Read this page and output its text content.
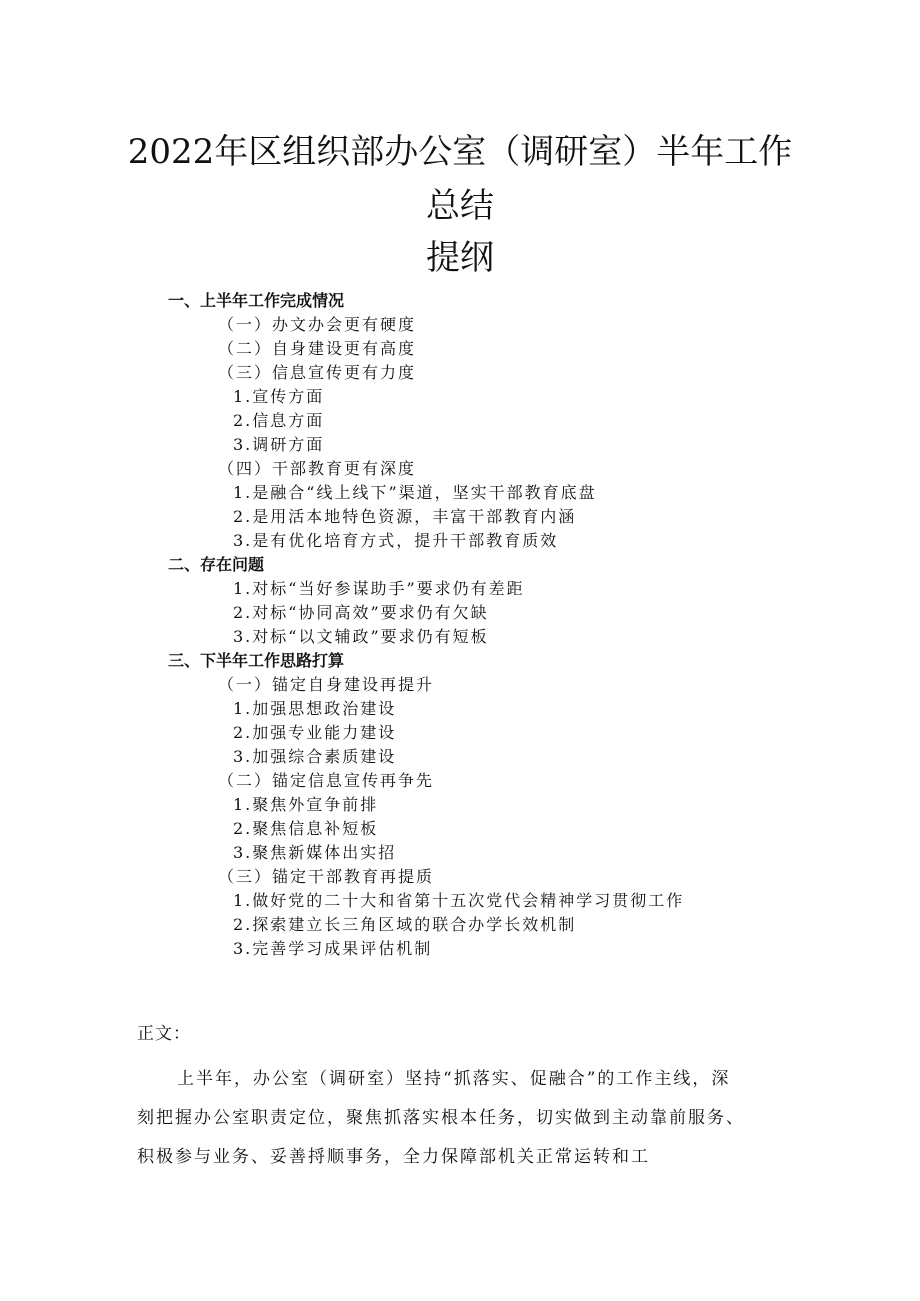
2022年区组织部办公室（调研室）半年工作
总结
提纲
一、上半年工作完成情况
（一）办文办会更有硬度
（二）自身建设更有高度
（三）信息宣传更有力度
1.宣传方面
2.信息方面
3.调研方面
（四）干部教育更有深度
1.是融合“线上线下”渠道，坚实干部教育底盘
2.是用活本地特色资源，丰富干部教育内涵
3.是有优化培育方式，提升干部教育质效
二、存在问题
1.对标“当好参谋助手”要求仍有差距
2.对标“协同高效”要求仍有欠缺
3.对标“以文辅政”要求仍有短板
三、下半年工作思路打算
（一）锚定自身建设再提升
1.加强思想政治建设
2.加强专业能力建设
3.加强综合素质建设
（二）锚定信息宣传再争先
1.聚焦外宣争前排
2.聚焦信息补短板
3.聚焦新媒体出实招
（三）锚定干部教育再提质
1.做好党的二十大和省第十五次党代会精神学习贯彻工作
2.探索建立长三角区域的联合办学长效机制
3.完善学习成果评估机制
正文：
上半年，办公室（调研室）坚持“抓落实、促融合”的工作主线，深
刻把握办公室职责定位，聚焦抓落实根本任务，切实做到主动靠前服务、
积极参与业务、妥善捋顺事务，全力保障部机关正常运转和工
